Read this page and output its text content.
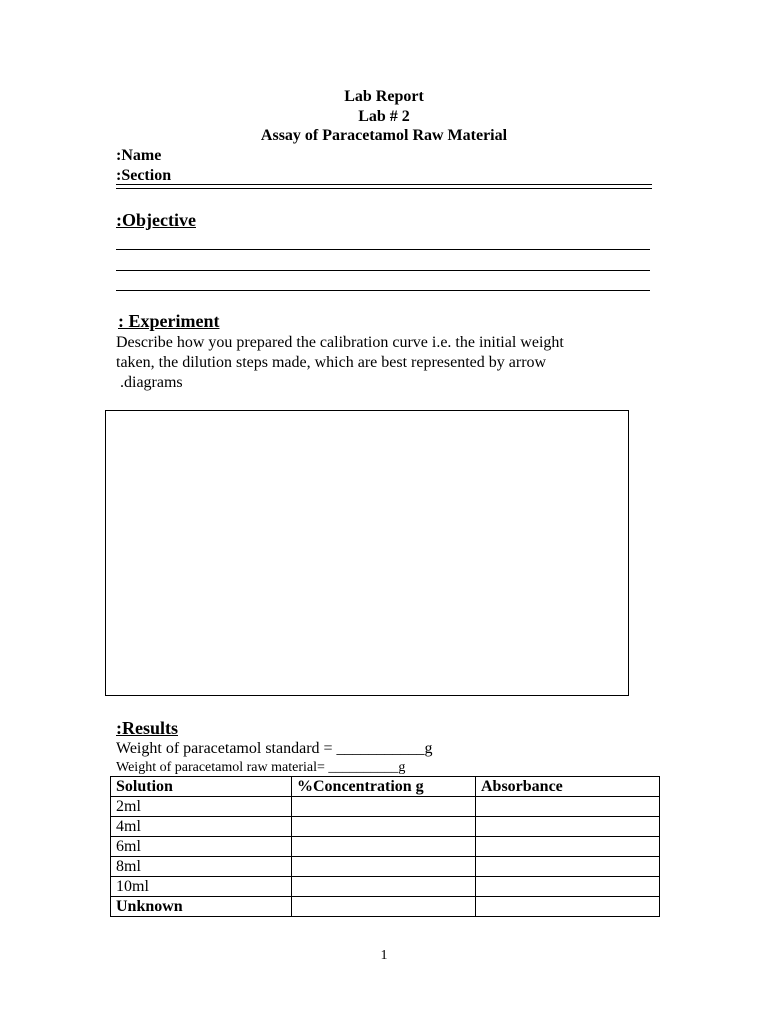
Lab Report
Lab # 2
Assay of Paracetamol Raw Material
:Name
:Section
:Objective
: Experiment
Describe how you prepared the calibration curve i.e. the initial weight
taken, the dilution steps made, which are best represented by arrow
.diagrams
:Results
Weight of paracetamol standard = ___________g
Weight of paracetamol raw material= __________g
Solution	%Concentration g	Absorbance
2ml		
4ml		
6ml		
8ml		
10ml		
Unknown		
1
